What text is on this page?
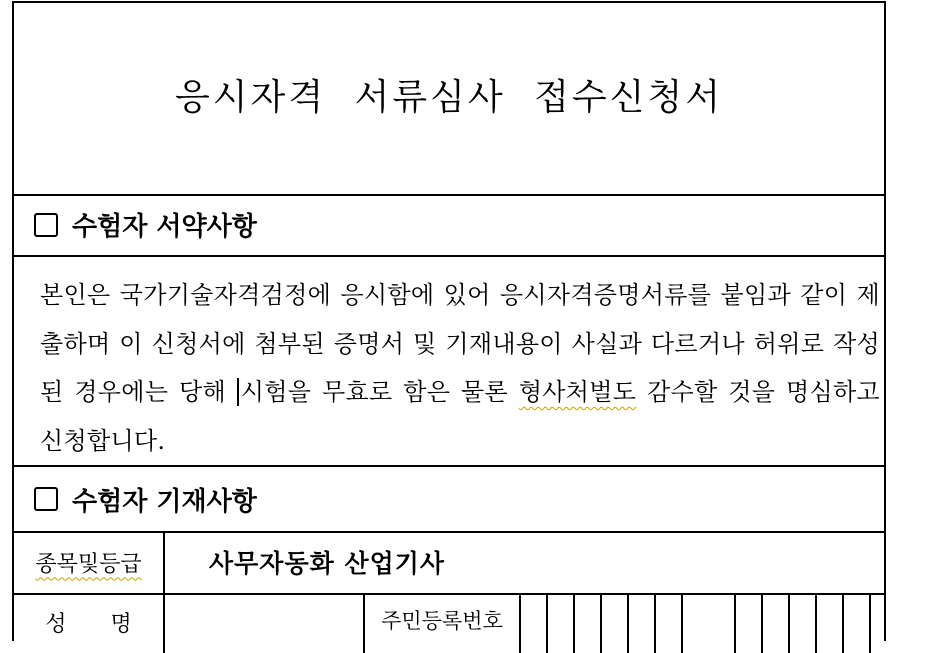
응시자격 서류심사 접수신청서
수험자 서약사항

본인은 국가기술자격검정에 응시함에 있어 응시자격증명서류를 붙임과 같이 제출하며 이 신청서에 첨부된 증명서 및 기재내용이 사실과 다르거나 허위로 작성된 경우에는 당해 시험을 무효로 함은 물론 형사처벌도 감수할 것을 명심하고 신청합니다.

수험자 기재사항
종목및등급	사무자동화 산업기사
성　　명	주민등록번호
